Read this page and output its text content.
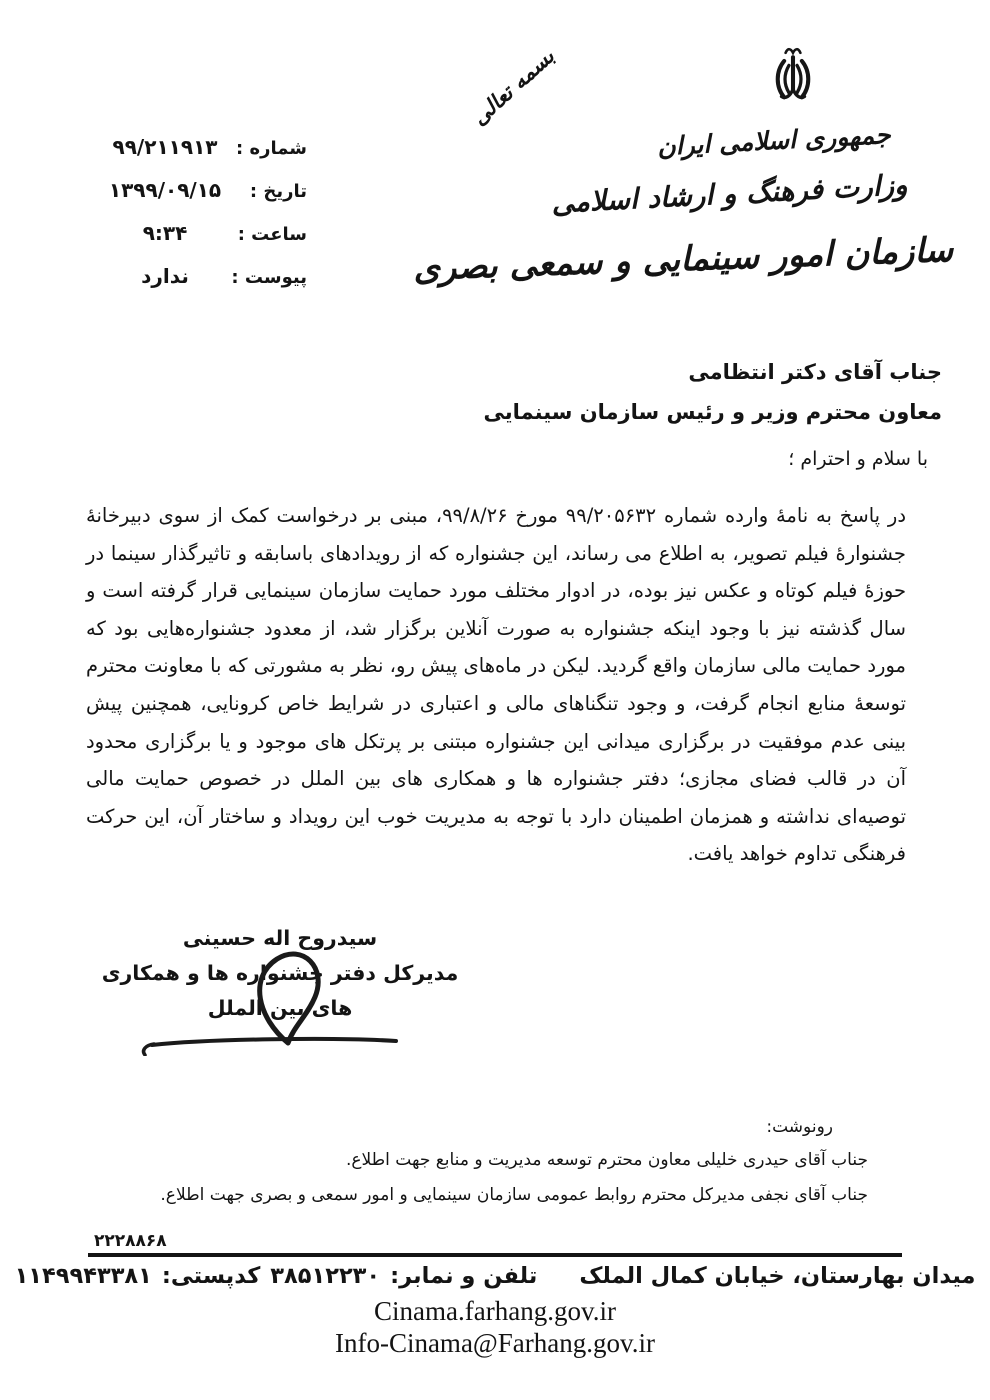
جمهوری اسلامی ایران
وزارت فرهنگ و ارشاد اسلامی
سازمان امور سینمایی و سمعی بصری
بسمه تعالی
شماره :
۹۹/۲۱۱۹۱۳
تاریخ :
۱۳۹۹/۰۹/۱۵
ساعت :
۹:۳۴
پیوست :
ندارد
جناب آقای دکتر انتظامی
معاون محترم وزیر و رئیس سازمان سینمایی
با سلام و احترام ؛
در پاسخ به نامهٔ وارده شماره ۹۹/۲۰۵۶۳۲ مورخ ۹۹/۸/۲۶، مبنی بر درخواست کمک از سوی دبیرخانهٔ جشنوارهٔ فیلم تصویر، به اطلاع می رساند، این جشنواره که از رویدادهای باسابقه و تاثیرگذار سینما در حوزهٔ فیلم کوتاه و عکس نیز بوده، در ادوار مختلف مورد حمایت سازمان سینمایی قرار گرفته است و سال گذشته نیز با وجود اینکه جشنواره به صورت آنلاین برگزار شد، از معدود جشنواره‌هایی بود که مورد حمایت مالی سازمان واقع گردید. لیکن در ماه‌های پیش رو، نظر به مشورتی که با معاونت محترم توسعهٔ منابع انجام گرفت، و وجود تنگناهای مالی و اعتباری در شرایط خاص کرونایی، همچنین پیش بینی عدم موفقیت در برگزاری میدانی این جشنواره مبتنی بر پرتکل های موجود و یا برگزاری محدود آن در قالب فضای مجازی؛ دفتر جشنواره ها و همکاری های بین الملل در خصوص حمایت مالی توصیه‌ای نداشته و همزمان اطمینان دارد با توجه به مدیریت خوب این رویداد و ساختار آن، این حرکت فرهنگی تداوم خواهد یافت.
سیدروح اله حسینی
مدیرکل دفتر جشنواره ها و همکاری های بین الملل
رونوشت:
جناب آقای حیدری خلیلی معاون محترم توسعه مدیریت و منابع جهت اطلاع.
جناب آقای نجفی مدیرکل محترم روابط عمومی سازمان سینمایی و امور سمعی و بصری جهت اطلاع.
۲۲۲۸۸۶۸
میدان بهارستان، خیابان کمال الملک
تلفن و نمابر:
۳۸۵۱۲۲۳۰
کدپستی:
۱۱۴۹۹۴۳۳۸۱
Cinama.farhang.gov.ir
Info-Cinama@Farhang.gov.ir
